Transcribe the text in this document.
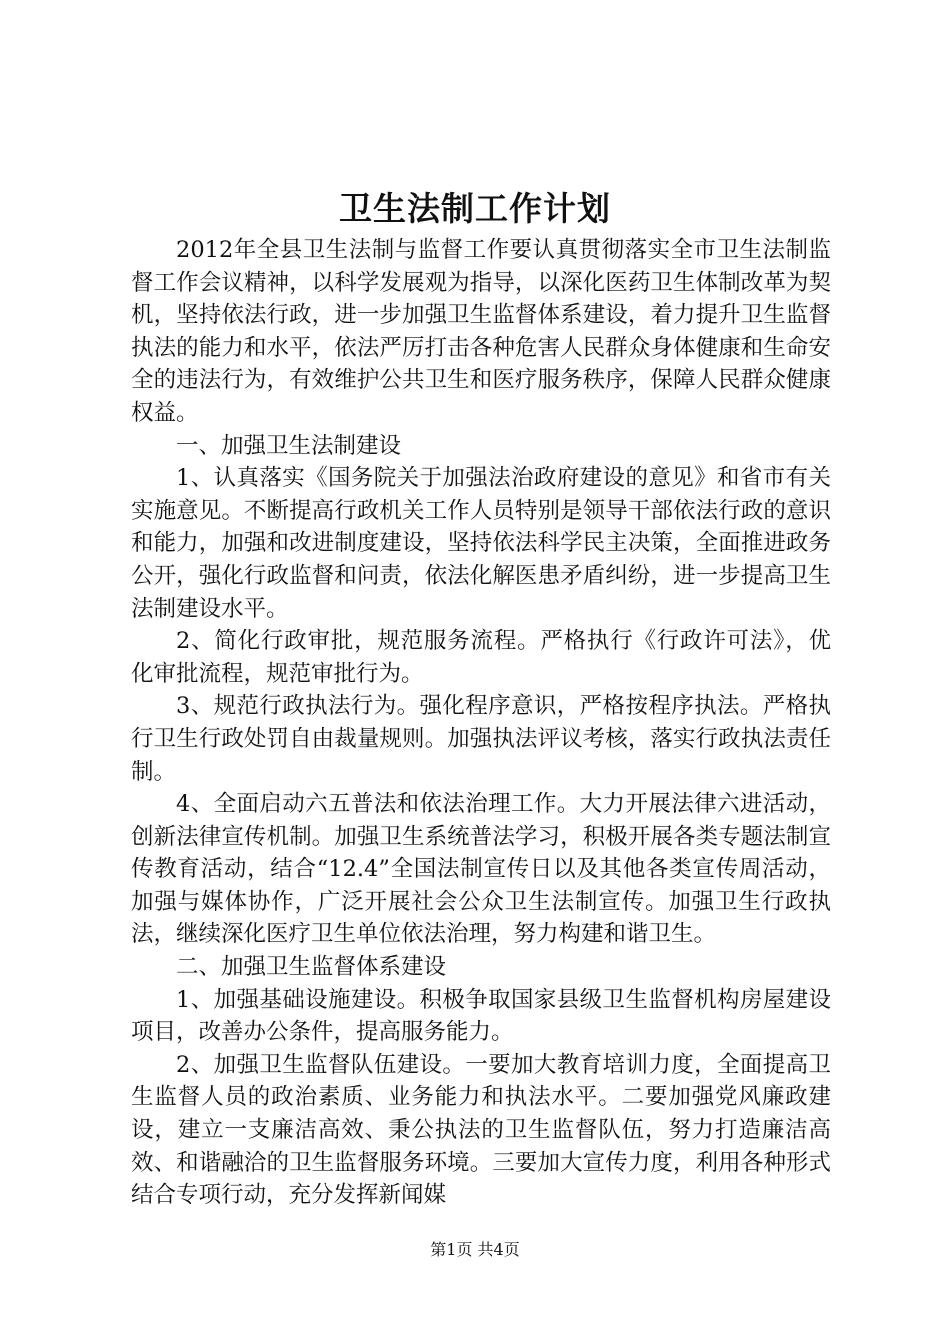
卫生法制工作计划

2012年全县卫生法制与监督工作要认真贯彻落实全市卫生法制监督工作会议精神，以科学发展观为指导，以深化医药卫生体制改革为契机，坚持依法行政，进一步加强卫生监督体系建设，着力提升卫生监督执法的能力和水平，依法严厉打击各种危害人民群众身体健康和生命安全的违法行为，有效维护公共卫生和医疗服务秩序，保障人民群众健康权益。

一、加强卫生法制建设

1、认真落实《国务院关于加强法治政府建设的意见》和省市有关实施意见。不断提高行政机关工作人员特别是领导干部依法行政的意识和能力，加强和改进制度建设，坚持依法科学民主决策，全面推进政务公开，强化行政监督和问责，依法化解医患矛盾纠纷，进一步提高卫生法制建设水平。

2、简化行政审批，规范服务流程。严格执行《行政许可法》，优化审批流程，规范审批行为。

3、规范行政执法行为。强化程序意识，严格按程序执法。严格执行卫生行政处罚自由裁量规则。加强执法评议考核，落实行政执法责任制。

4、全面启动六五普法和依法治理工作。大力开展法律六进活动，创新法律宣传机制。加强卫生系统普法学习，积极开展各类专题法制宣传教育活动，结合“12.4”全国法制宣传日以及其他各类宣传周活动，加强与媒体协作，广泛开展社会公众卫生法制宣传。加强卫生行政执法，继续深化医疗卫生单位依法治理，努力构建和谐卫生。

二、加强卫生监督体系建设

1、加强基础设施建设。积极争取国家县级卫生监督机构房屋建设项目，改善办公条件，提高服务能力。

2、加强卫生监督队伍建设。一要加大教育培训力度，全面提高卫生监督人员的政治素质、业务能力和执法水平。二要加强党风廉政建设，建立一支廉洁高效、秉公执法的卫生监督队伍，努力打造廉洁高效、和谐融洽的卫生监督服务环境。三要加大宣传力度，利用各种形式结合专项行动，充分发挥新闻媒

第1页 共4页
